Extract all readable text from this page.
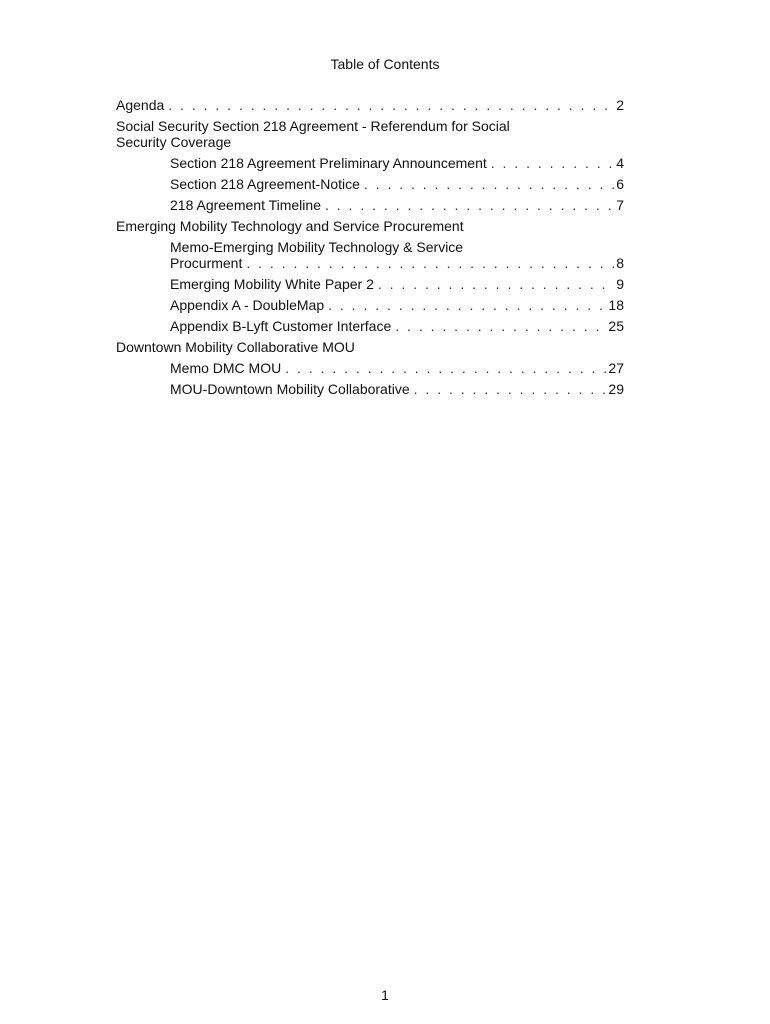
Table of Contents
Agenda . . .	2
Social Security Section 218 Agreement - Referendum for Social Security Coverage
Section 218 Agreement Preliminary Announcement . . .	4
Section 218 Agreement-Notice . . .	6
218 Agreement Timeline . . .	7
Emerging Mobility Technology and Service Procurement
Memo-Emerging Mobility Technology & Service
Procurment . . .	8
Emerging Mobility White Paper 2 . . .	9
Appendix A - DoubleMap . . .	18
Appendix B-Lyft Customer Interface . . .	25
Downtown Mobility Collaborative MOU
Memo DMC MOU . . .	27
MOU-Downtown Mobility Collaborative . . .	29
1
